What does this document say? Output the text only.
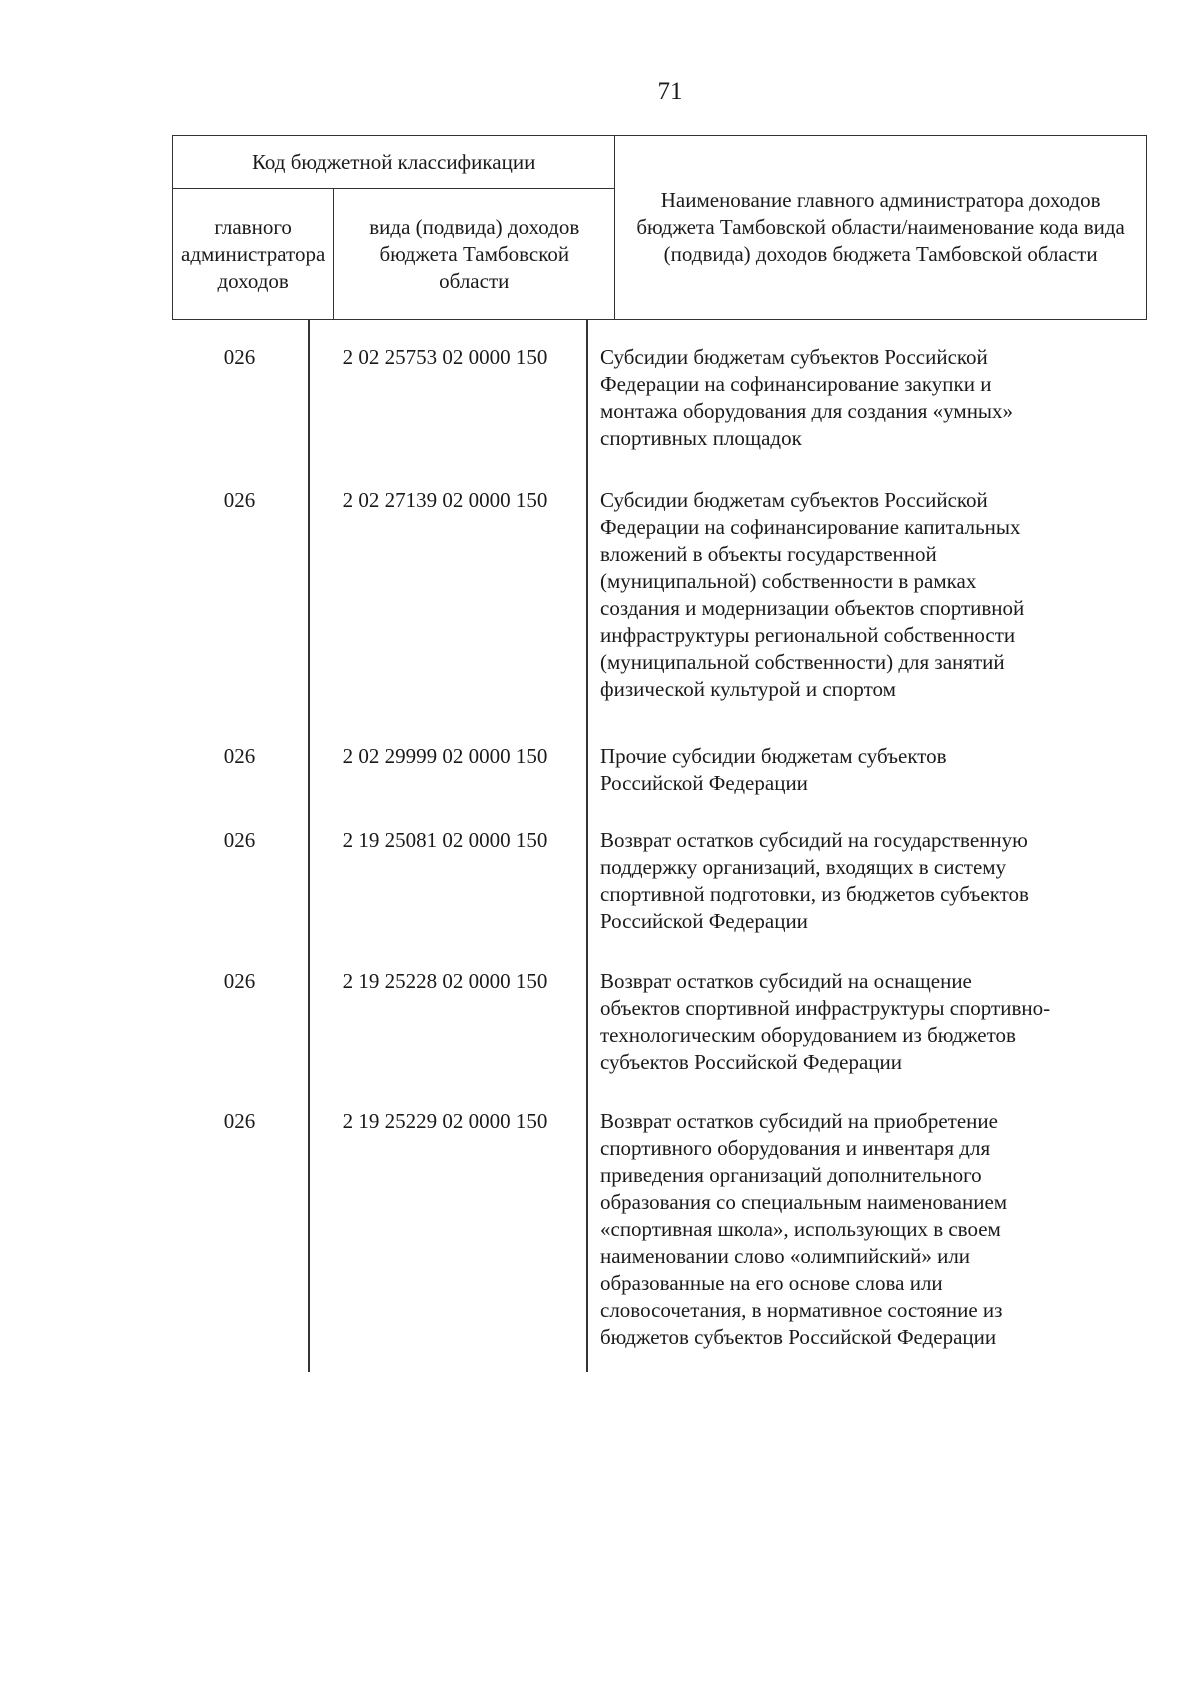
71
Код бюджетной классификации		Наименование главного администратора доходов бюджета Тамбовской области/наименование кода вида (подвида) доходов бюджета Тамбовской области
главного администратора доходов	вида (подвида) доходов бюджета Тамбовской области	
026	2 02 25753 02 0000 150	Субсидии бюджетам субъектов Российской
Федерации на софинансирование закупки и
монтажа оборудования для создания «умных»
спортивных площадок
026	2 02 27139 02 0000 150	Субсидии бюджетам субъектов Российской
Федерации на софинансирование капитальных
вложений в объекты государственной
(муниципальной) собственности в рамках
создания и модернизации объектов спортивной
инфраструктуры региональной собственности
(муниципальной собственности) для занятий
физической культурой и спортом
026	2 02 29999 02 0000 150	Прочие субсидии бюджетам субъектов
Российской Федерации
026	2 19 25081 02 0000 150	Возврат остатков субсидий на государственную
поддержку организаций, входящих в систему
спортивной подготовки, из бюджетов субъектов
Российской Федерации
026	2 19 25228 02 0000 150	Возврат остатков субсидий на оснащение
объектов спортивной инфраструктуры спортивно-
технологическим оборудованием из бюджетов
субъектов Российской Федерации
026	2 19 25229 02 0000 150	Возврат остатков субсидий на приобретение
спортивного оборудования и инвентаря для
приведения организаций дополнительного
образования со специальным наименованием
«спортивная школа», использующих в своем
наименовании слово «олимпийский» или
образованные на его основе слова или
словосочетания, в нормативное состояние из
бюджетов субъектов Российской Федерации
